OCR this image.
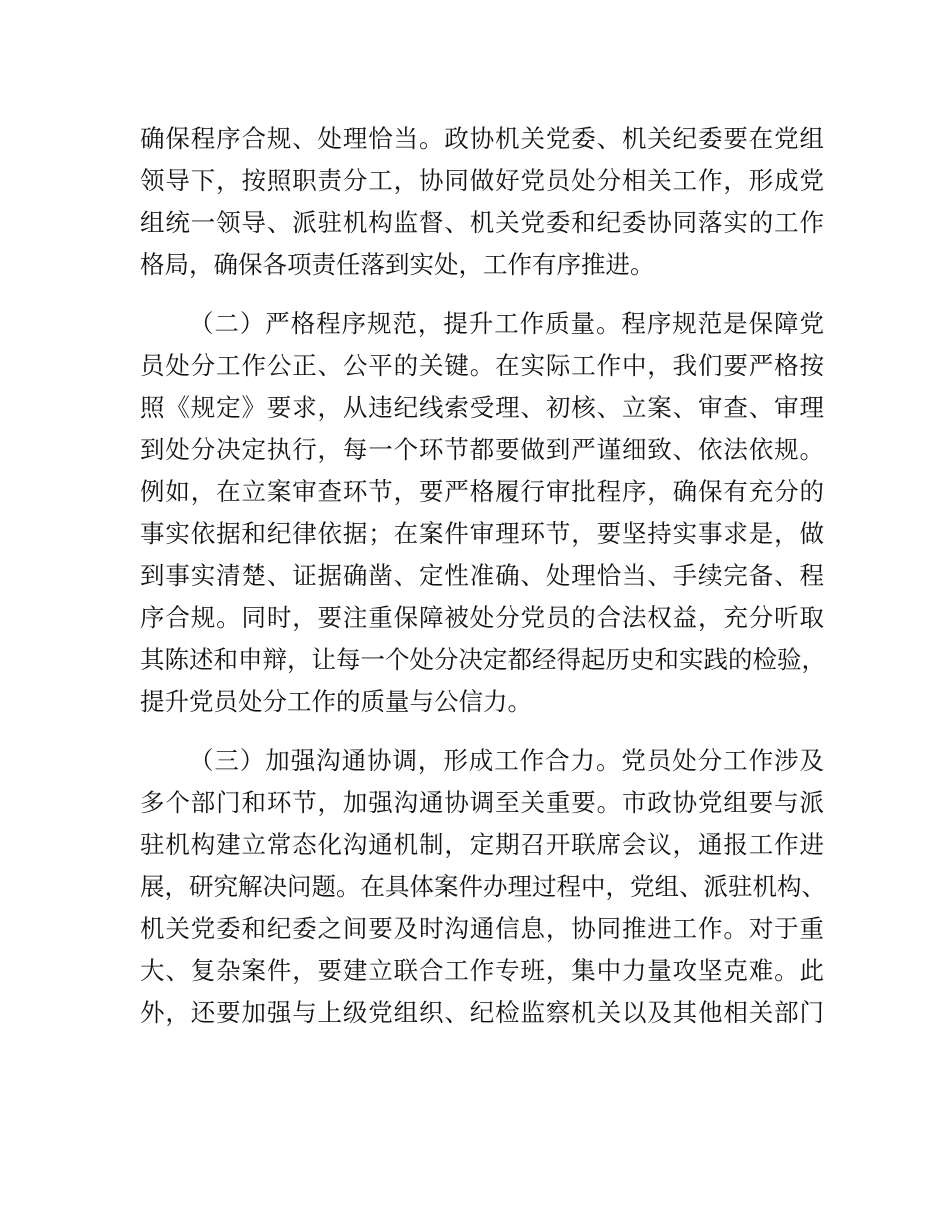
确保程序合规、处理恰当。政协机关党委、机关纪委要在党组
领导下，按照职责分工，协同做好党员处分相关工作，形成党
组统一领导、派驻机构监督、机关党委和纪委协同落实的工作
格局，确保各项责任落到实处，工作有序推进。
（二）严格程序规范，提升工作质量。程序规范是保障党
员处分工作公正、公平的关键。在实际工作中，我们要严格按
照《规定》要求，从违纪线索受理、初核、立案、审查、审理
到处分决定执行，每一个环节都要做到严谨细致、依法依规。
例如，在立案审查环节，要严格履行审批程序，确保有充分的
事实依据和纪律依据；在案件审理环节，要坚持实事求是，做
到事实清楚、证据确凿、定性准确、处理恰当、手续完备、程
序合规。同时，要注重保障被处分党员的合法权益，充分听取
其陈述和申辩，让每一个处分决定都经得起历史和实践的检验，
提升党员处分工作的质量与公信力。
（三）加强沟通协调，形成工作合力。党员处分工作涉及
多个部门和环节，加强沟通协调至关重要。市政协党组要与派
驻机构建立常态化沟通机制，定期召开联席会议，通报工作进
展，研究解决问题。在具体案件办理过程中，党组、派驻机构、
机关党委和纪委之间要及时沟通信息，协同推进工作。对于重
大、复杂案件，要建立联合工作专班，集中力量攻坚克难。此
外，还要加强与上级党组织、纪检监察机关以及其他相关部门
